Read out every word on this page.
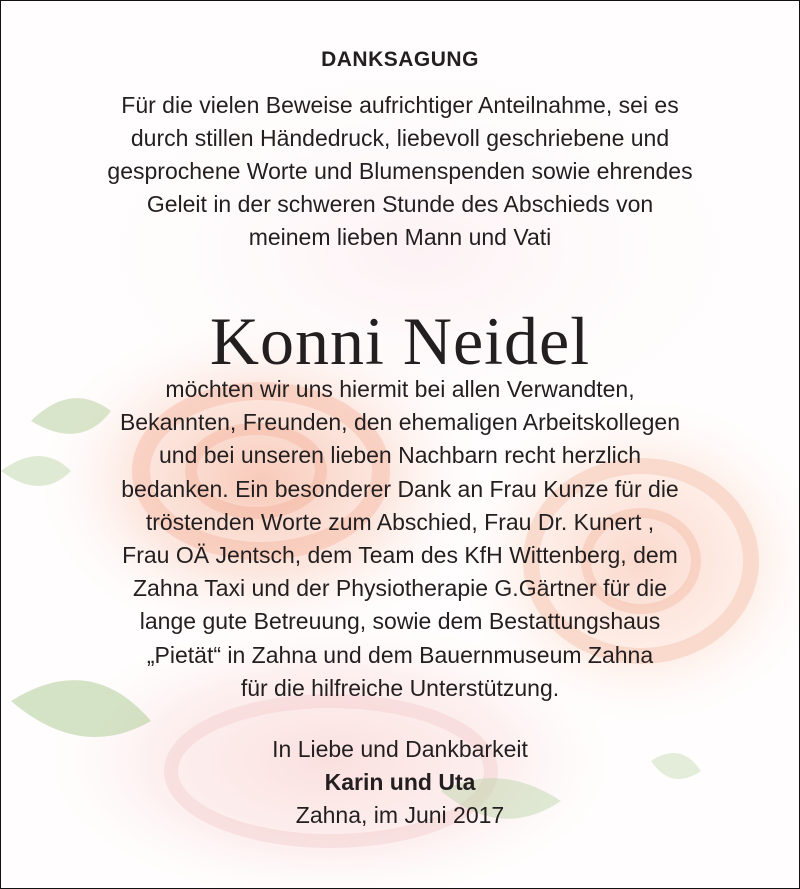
DANKSAGUNG
Für die vielen Beweise aufrichtiger Anteilnahme, sei es
durch stillen Händedruck, liebevoll geschriebene und
gesprochene Worte und Blumenspenden sowie ehrendes
Geleit in der schweren Stunde des Abschieds von
meinem lieben Mann und Vati
Konni Neidel
möchten wir uns hiermit bei allen Verwandten,
Bekannten, Freunden, den ehemaligen Arbeitskollegen
und bei unseren lieben Nachbarn recht herzlich
bedanken. Ein besonderer Dank an Frau Kunze für die
tröstenden Worte zum Abschied, Frau Dr. Kunert ,
Frau OÄ Jentsch, dem Team des KfH Wittenberg, dem
Zahna Taxi und der Physiotherapie G.Gärtner für die
lange gute Betreuung, sowie dem Bestattungshaus
„Pietät“ in Zahna und dem Bauernmuseum Zahna
für die hilfreiche Unterstützung.
In Liebe und Dankbarkeit
Karin und Uta
Zahna, im Juni 2017
